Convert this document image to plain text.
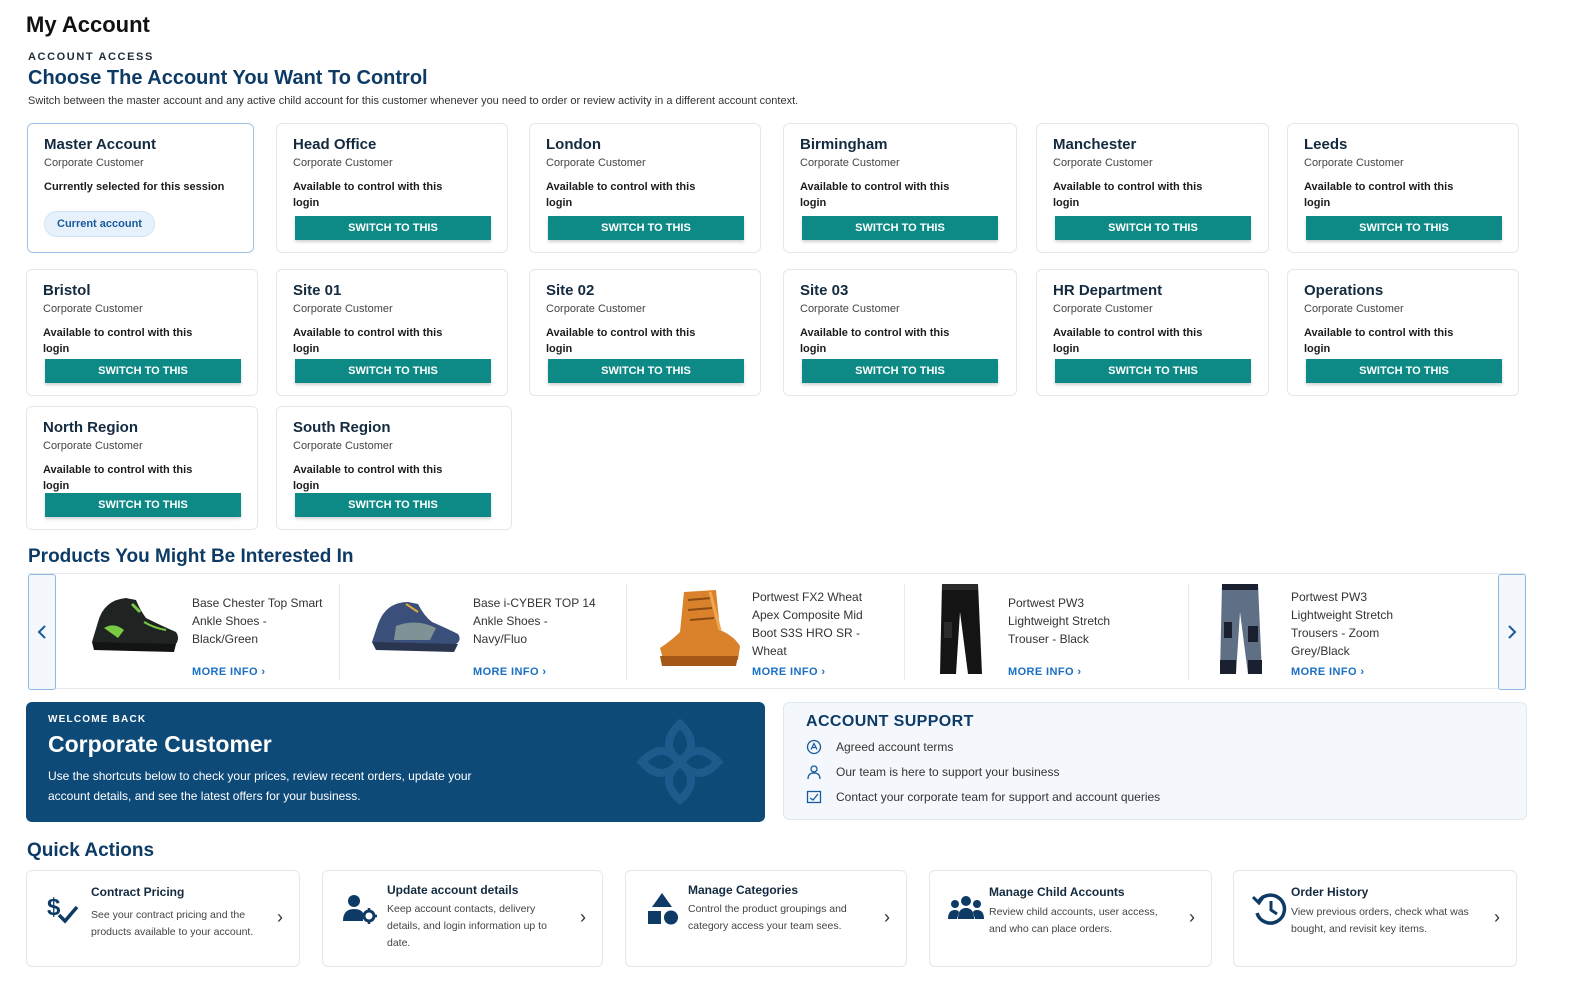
My Account
ACCOUNT ACCESS
Choose The Account You Want To Control
Switch between the master account and any active child account for this customer whenever you need to order or review activity in a different account context.
Master Account
Corporate Customer
Currently selected for this session
Current account
Head Office
Corporate Customer
Available to control with this login
SWITCH TO THIS
London
Corporate Customer
Available to control with this login
SWITCH TO THIS
Birmingham
Corporate Customer
Available to control with this login
SWITCH TO THIS
Manchester
Corporate Customer
Available to control with this login
SWITCH TO THIS
Leeds
Corporate Customer
Available to control with this login
SWITCH TO THIS
Bristol
Corporate Customer
Available to control with this login
SWITCH TO THIS
Site 01
Corporate Customer
Available to control with this login
SWITCH TO THIS
Site 02
Corporate Customer
Available to control with this login
SWITCH TO THIS
Site 03
Corporate Customer
Available to control with this login
SWITCH TO THIS
HR Department
Corporate Customer
Available to control with this login
SWITCH TO THIS
Operations
Corporate Customer
Available to control with this login
SWITCH TO THIS
North Region
Corporate Customer
Available to control with this login
SWITCH TO THIS
South Region
Corporate Customer
Available to control with this login
SWITCH TO THIS
Products You Might Be Interested In
Base Chester Top Smart Ankle Shoes - Black/Green
MORE INFO ›
Base i-CYBER TOP 14 Ankle Shoes - Navy/Fluo
MORE INFO ›
Portwest FX2 Wheat Apex Composite Mid Boot S3S HRO SR - Wheat
MORE INFO ›
Portwest PW3 Lightweight Stretch Trouser - Black
MORE INFO ›
Portwest PW3 Lightweight Stretch Trousers - Zoom Grey/Black
MORE INFO ›
WELCOME BACK
Corporate Customer
Use the shortcuts below to check your prices, review recent orders, update your account details, and see the latest offers for your business.
ACCOUNT SUPPORT
Agreed account terms
Our team is here to support your business
Contact your corporate team for support and account queries
Quick Actions
$
Contract Pricing
See your contract pricing and the products available to your account.
›
Update account details
Keep account contacts, delivery details, and login information up to date.
›
Manage Categories
Control the product groupings and category access your team sees.	›
Manage Child Accounts
Review child accounts, user access, and who can place orders.
›
Order History
View previous orders, check what was bought, and revisit key items.
›
